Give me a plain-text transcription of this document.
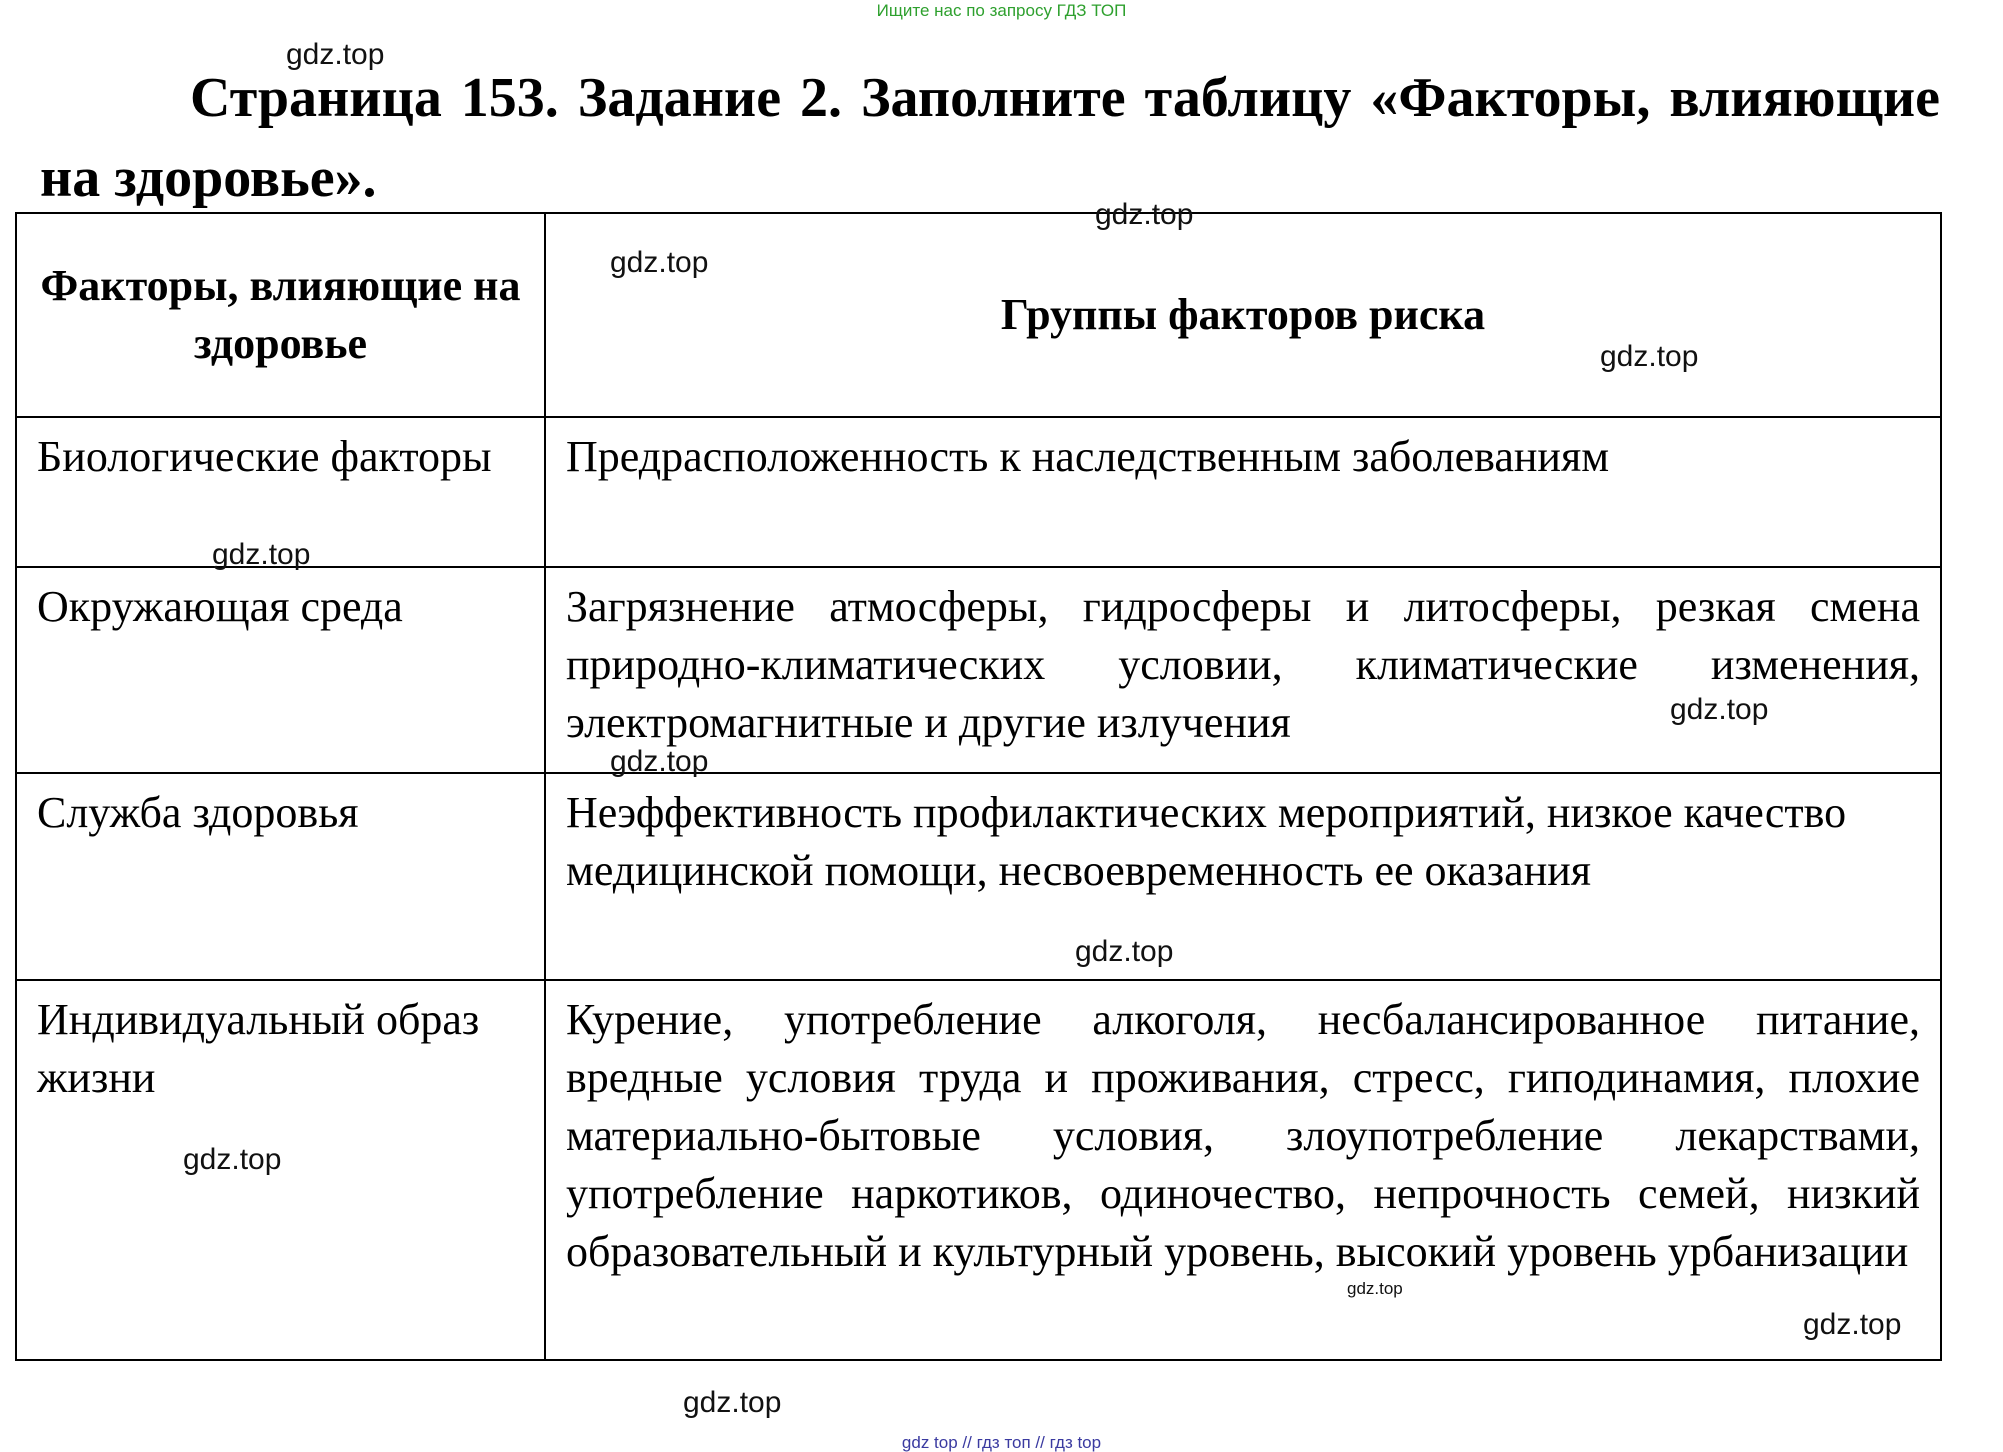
Ищите нас по запросу ГДЗ ТОП
Страница 153. Задание 2. Заполните таблицу «Факторы, влияющие на здоровье».
Факторы, влияющие на здоровье	Группы факторов риска
Биологические факторы	Предрасположенность к наследственным заболеваниям
Окружающая среда	Загрязнение атмосферы, гидросферы и литосферы, резкая смена природно-климатических условии, климатические изменения, электромагнитные и другие излучения
Служба здоровья	Неэффективность профилактических мероприятий, низкое качество медицинской помощи, несвоевременность ее оказания
Индивидуальный образ жизни	Курение, употребление алкоголя, несбалансированное питание, вредные условия труда и проживания, стресс, гиподинамия, плохие материально-бытовые условия, злоупотребление лекарствами, употребление наркотиков, одиночество, непрочность семей, низкий образовательный и культурный уровень, высокий уровень урбанизации
gdz.top
gdz.top
gdz.top
gdz.top
gdz.top
gdz.top
gdz.top
gdz.top
gdz.top
gdz.top
gdz.top
gdz.top
gdz top // гдз топ // гдз top
